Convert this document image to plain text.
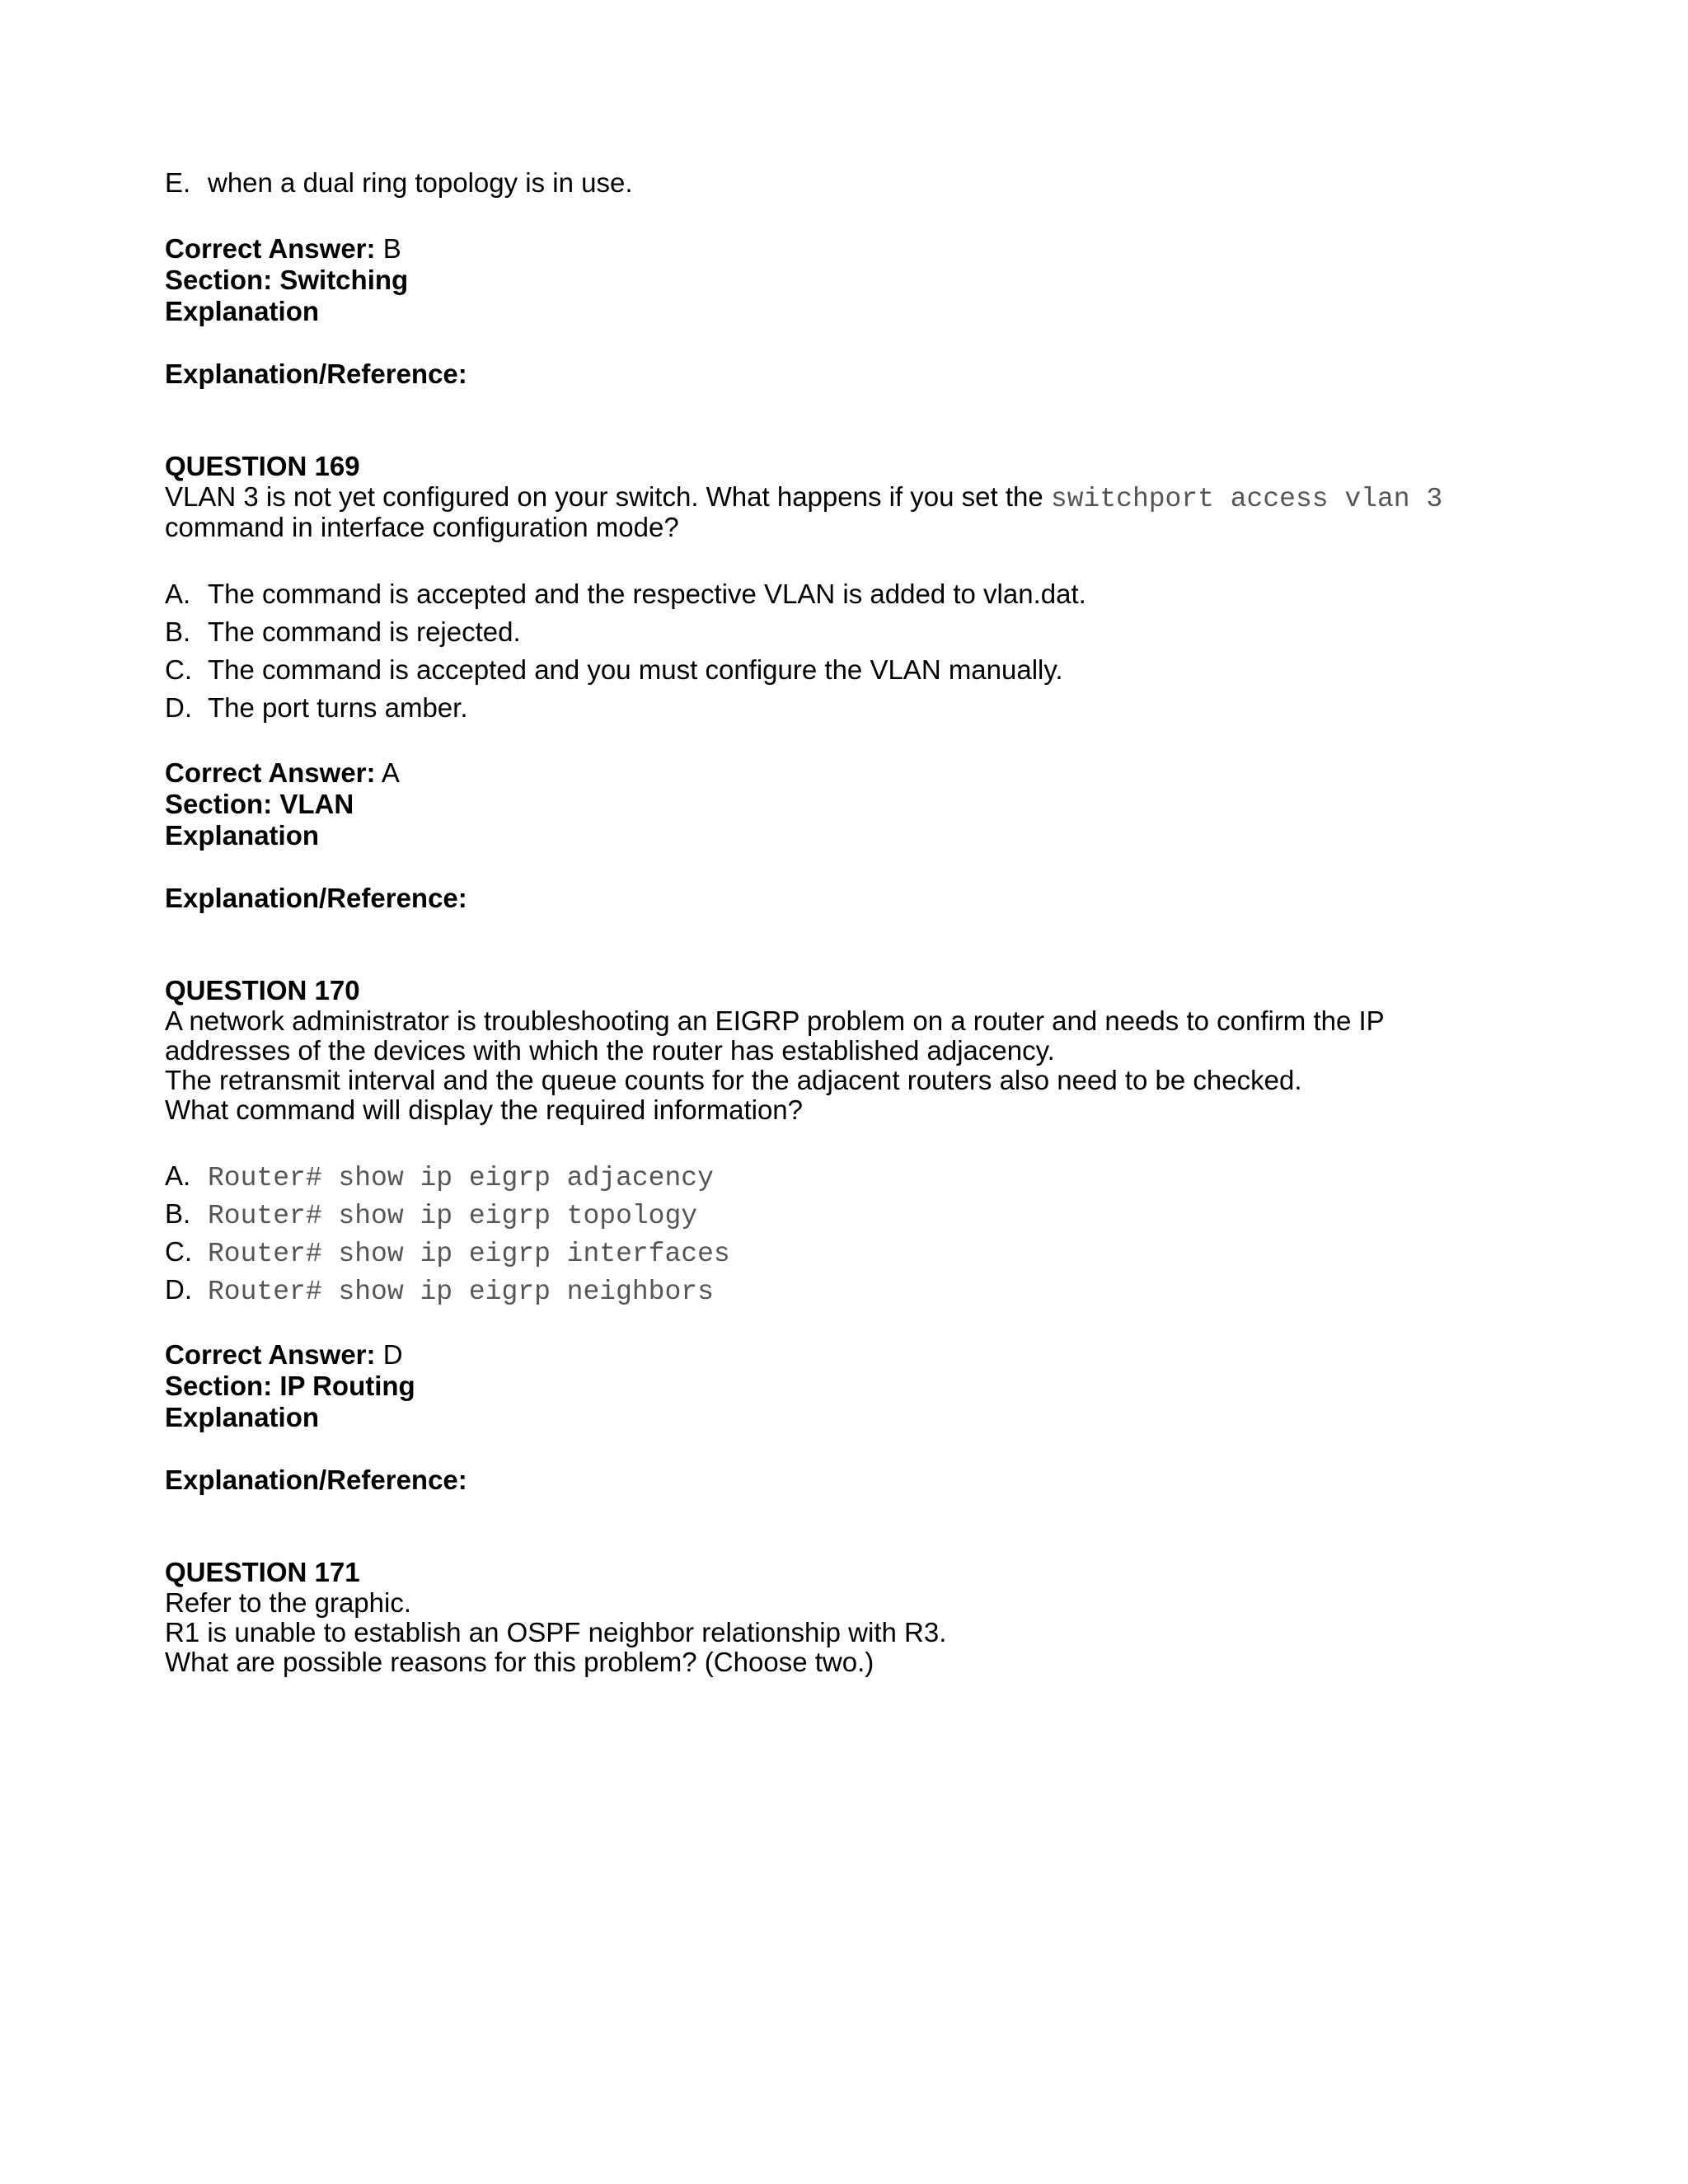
E. when a dual ring topology is in use.
Correct Answer: B
Section: Switching
Explanation
Explanation/Reference:
QUESTION 169
VLAN 3 is not yet configured on your switch. What happens if you set the switchport access vlan 3
command in interface configuration mode?
A. The command is accepted and the respective VLAN is added to vlan.dat.
B. The command is rejected.
C. The command is accepted and you must configure the VLAN manually.
D. The port turns amber.
Correct Answer: A
Section: VLAN
Explanation
Explanation/Reference:
QUESTION 170
A network administrator is troubleshooting an EIGRP problem on a router and needs to confirm the IP
addresses of the devices with which the router has established adjacency.
The retransmit interval and the queue counts for the adjacent routers also need to be checked.
What command will display the required information?
A. Router# show ip eigrp adjacency
B. Router# show ip eigrp topology
C. Router# show ip eigrp interfaces
D. Router# show ip eigrp neighbors
Correct Answer: D
Section: IP Routing
Explanation
Explanation/Reference:
QUESTION 171
Refer to the graphic.
R1 is unable to establish an OSPF neighbor relationship with R3.
What are possible reasons for this problem? (Choose two.)
